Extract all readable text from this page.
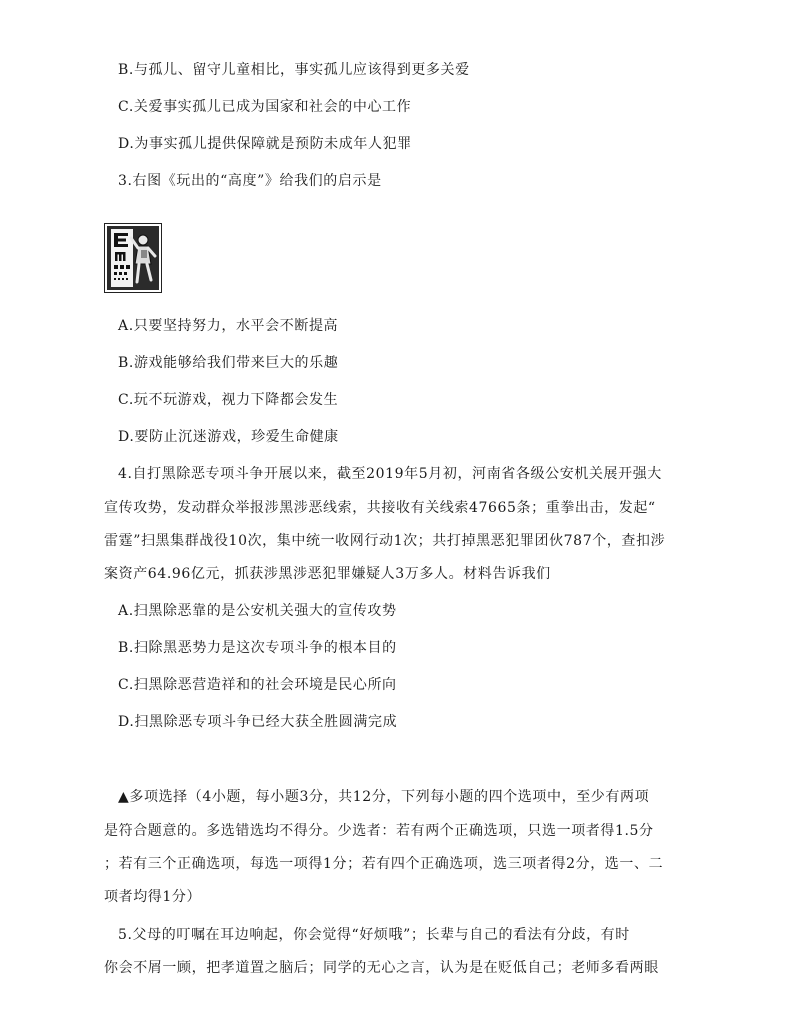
B.与孤儿、留守儿童相比，事实孤儿应该得到更多关爱
C.关爱事实孤儿已成为国家和社会的中心工作
D.为事实孤儿提供保障就是预防未成年人犯罪
3.右图《玩出的“高度”》给我们的启示是
A.只要坚持努力，水平会不断提高
B.游戏能够给我们带来巨大的乐趣
C.玩不玩游戏，视力下降都会发生
D.要防止沉迷游戏，珍爱生命健康
4.自打黑除恶专项斗争开展以来，截至2019年5月初，河南省各级公安机关展开强大
宣传攻势，发动群众举报涉黑涉恶线索，共接收有关线索47665条；重拳出击，发起“
雷霆”扫黑集群战役10次，集中统一收网行动1次；共打掉黑恶犯罪团伙787个，查扣涉
案资产64.96亿元，抓获涉黑涉恶犯罪嫌疑人3万多人。材料告诉我们
A.扫黑除恶靠的是公安机关强大的宣传攻势
B.扫除黑恶势力是这次专项斗争的根本目的
C.扫黑除恶营造祥和的社会环境是民心所向
D.扫黑除恶专项斗争已经大获全胜圆满完成
▲多项选择（4小题，每小题3分，共12分，下列每小题的四个选项中，至少有两项
是符合题意的。多选错选均不得分。少选者：若有两个正确选项，只选一项者得1.5分
；若有三个正确选项，每选一项得1分；若有四个正确选项，选三项者得2分，选一、二
项者均得1分）
5.父母的叮嘱在耳边响起，你会觉得“好烦哦”；长辈与自己的看法有分歧，有时
你会不屑一顾，把孝道置之脑后；同学的无心之言，认为是在贬低自己；老师多看两眼
